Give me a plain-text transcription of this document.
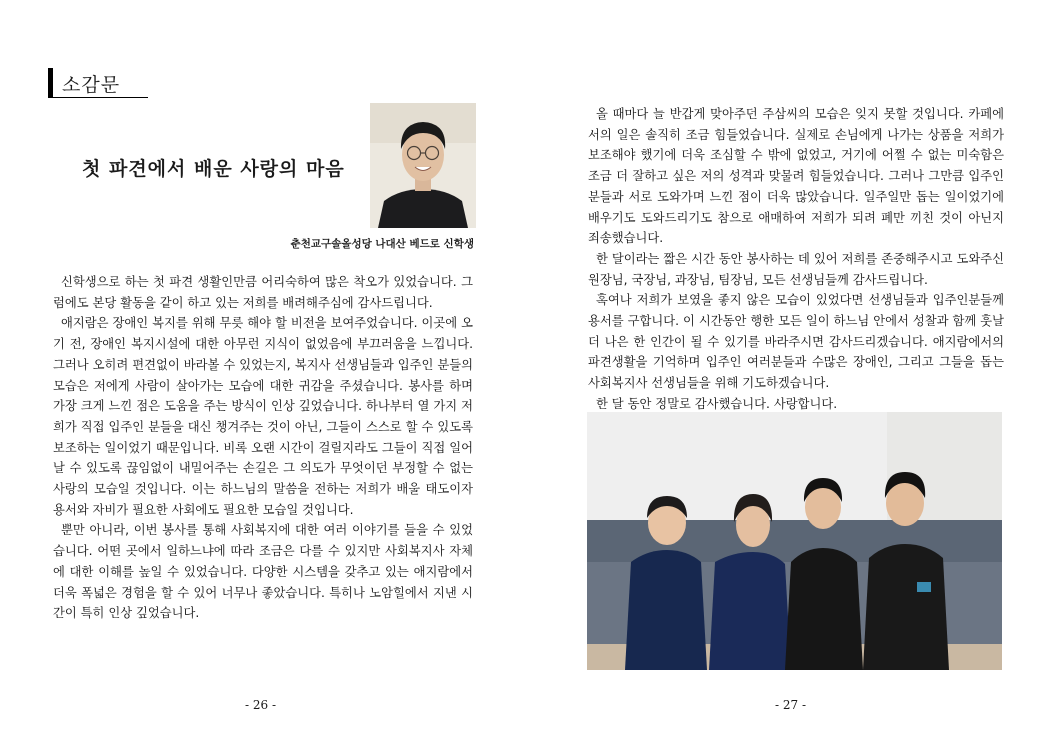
소감문
첫 파견에서 배운 사랑의 마음
춘천교구솔올성당 나대산 베드로 신학생

신학생으로 하는 첫 파견 생활인만큼 어리숙하여 많은 착오가 있었습니다. 그럼에도 본당 활동을 같이 하고 있는 저희를 배려해주심에 감사드립니다.

애지람은 장애인 복지를 위해 무릇 해야 할 비전을 보여주었습니다. 이곳에 오기 전, 장애인 복지시설에 대한 아무런 지식이 없었음에 부끄러움을 느낍니다. 그러나 오히려 편견없이 바라볼 수 있었는지, 복지사 선생님들과 입주인 분들의 모습은 저에게 사람이 살아가는 모습에 대한 귀감을 주셨습니다. 봉사를 하며 가장 크게 느낀 점은 도움을 주는 방식이 인상 깊었습니다. 하나부터 열 가지 저희가 직접 입주인 분들을 대신 챙겨주는 것이 아닌, 그들이 스스로 할 수 있도록 보조하는 일이었기 때문입니다. 비록 오랜 시간이 걸릴지라도 그들이 직접 일어날 수 있도록 끊임없이 내밀어주는 손길은 그 의도가 무엇이던 부정할 수 없는 사랑의 모습일 것입니다. 이는 하느님의 말씀을 전하는 저희가 배울 태도이자 용서와 자비가 필요한 사회에도 필요한 모습일 것입니다.

뿐만 아니라, 이번 봉사를 통해 사회복지에 대한 여러 이야기를 들을 수 있었습니다. 어떤 곳에서 일하느냐에 따라 조금은 다를 수 있지만 사회복지사 자체에 대한 이해를 높일 수 있었습니다. 다양한 시스템을 갖추고 있는 애지람에서 더욱 폭넓은 경험을 할 수 있어 너무나 좋았습니다. 특히나 노암힐에서 지낸 시간이 특히 인상 깊었습니다.

- 26 -

올 때마다 늘 반갑게 맞아주던 주삼씨의 모습은 잊지 못할 것입니다. 카페에서의 일은 솔직히 조금 힘들었습니다. 실제로 손님에게 나가는 상품을 저희가 보조해야 했기에 더욱 조심할 수 밖에 없었고, 거기에 어쩔 수 없는 미숙함은 조금 더 잘하고 싶은 저의 성격과 맞물려 힘들었습니다. 그러나 그만큼 입주인 분들과 서로 도와가며 느낀 점이 더욱 많았습니다. 일주일만 돕는 일이었기에 배우기도 도와드리기도 참으로 애매하여 저희가 되려 폐만 끼친 것이 아닌지 죄송했습니다.

한 달이라는 짧은 시간 동안 봉사하는 데 있어 저희를 존중해주시고 도와주신 원장님, 국장님, 과장님, 팀장님, 모든 선생님들께 감사드립니다.

혹여나 저희가 보였을 좋지 않은 모습이 있었다면 선생님들과 입주인분들께 용서를 구합니다. 이 시간동안 행한 모든 일이 하느님 안에서 성찰과 함께 훗날 더 나은 한 인간이 될 수 있기를 바라주시면 감사드리겠습니다. 애지람에서의 파견생활을 기억하며 입주인 여러분들과 수많은 장애인, 그리고 그들을 돕는 사회복지사 선생님들을 위해 기도하겠습니다.

한 달 동안 정말로 감사했습니다. 사랑합니다.

- 27 -
